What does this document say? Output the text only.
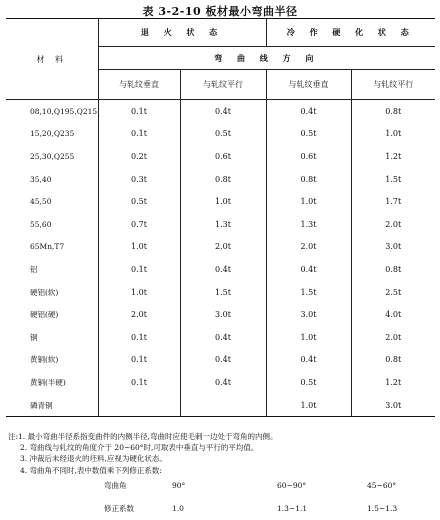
表 3-2-10 板材最小弯曲半径
材 料	退 火 状 态		冷 作 硬 化 状 态	
	弯 曲 线 方 向			
	与轧纹垂直	与轧纹平行	与轧纹垂直	与轧纹平行
08,10,Q195,Q215	0.1t	0.4t	0.4t	0.8t
15,20,Q235	0.1t	0.5t	0.5t	1.0t
25,30,Q255	0.2t	0.6t	0.6t	1.2t
35,40	0.3t	0.8t	0.8t	1.5t
45,50	0.5t	1.0t	1.0t	1.7t
55,60	0.7t	1.3t	1.3t	2.0t
65Mn,T7	1.0t	2.0t	2.0t	3.0t
铝	0.1t	0.4t	0.4t	0.8t
硬铝(软)	1.0t	1.5t	1.5t	2.5t
硬铝(硬)	2.0t	3.0t	3.0t	4.0t
铜	0.1t	0.4t	1.0t	2.0t
黄铜(软)	0.1t	0.4t	0.4t	0.8t
黄铜(半硬)	0.1t	0.4t	0.5t	1.2t
磷青铜			1.0t	3.0t
注:1. 最小弯曲半径系指变曲件的内侧半径,弯曲时应使毛刺一边处于弯角的内侧。
2. 弯曲线与轧纹的角度介于 20~60°时,可取表中垂直与平行的平均值。
3. 冲裁后未经退火的坯料,应视为硬化状态。
4. 弯曲角不同时,表中数值乘下列修正系数:
	弯曲角	90°	60~90°	45~60°
	修正系数	1.0	1.3~1.1	1.5~1.3
